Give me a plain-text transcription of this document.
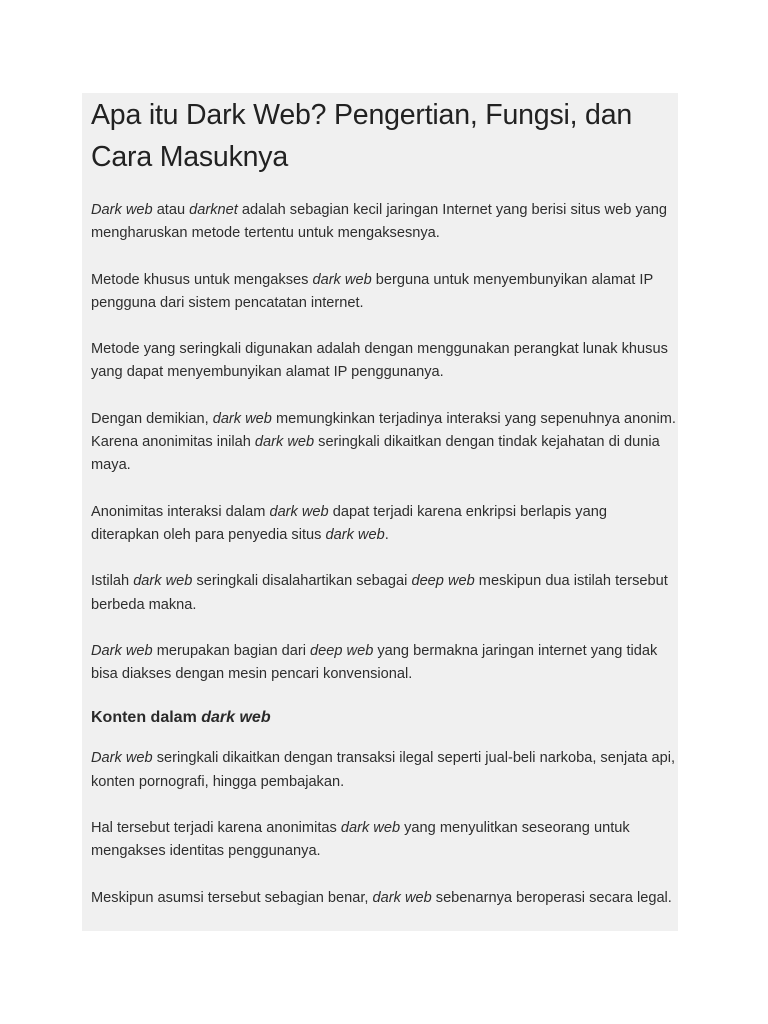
Apa itu Dark Web? Pengertian, Fungsi, dan Cara Masuknya

Dark web atau darknet adalah sebagian kecil jaringan Internet yang berisi situs web yang mengharuskan metode tertentu untuk mengaksesnya.

Metode khusus untuk mengakses dark web berguna untuk menyembunyikan alamat IP pengguna dari sistem pencatatan internet.

Metode yang seringkali digunakan adalah dengan menggunakan perangkat lunak khusus yang dapat menyembunyikan alamat IP penggunanya.

Dengan demikian, dark web memungkinkan terjadinya interaksi yang sepenuhnya anonim. Karena anonimitas inilah dark web seringkali dikaitkan dengan tindak kejahatan di dunia maya.

Anonimitas interaksi dalam dark web dapat terjadi karena enkripsi berlapis yang diterapkan oleh para penyedia situs dark web.

Istilah dark web seringkali disalahartikan sebagai deep web meskipun dua istilah tersebut berbeda makna.

Dark web merupakan bagian dari deep web yang bermakna jaringan internet yang tidak bisa diakses dengan mesin pencari konvensional.

Konten dalam dark web

Dark web seringkali dikaitkan dengan transaksi ilegal seperti jual-beli narkoba, senjata api, konten pornografi, hingga pembajakan.

Hal tersebut terjadi karena anonimitas dark web yang menyulitkan seseorang untuk mengakses identitas penggunanya.

Meskipun asumsi tersebut sebagian benar, dark web sebenarnya beroperasi secara legal.
